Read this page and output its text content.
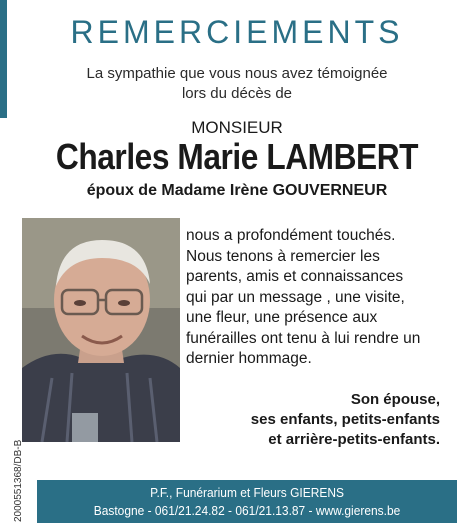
REMERCIEMENTS
La sympathie que vous nous avez témoignée
lors du décès de
MONSIEUR
Charles Marie LAMBERT
époux de Madame Irène GOUVERNEUR
nous a profondément touchés.
Nous tenons à remercier les
parents, amis et connaissances
qui par un message , une visite,
une fleur, une présence aux
funérailles ont tenu à lui rendre un
dernier hommage.
Son épouse,
ses enfants, petits-enfants
et arrière-petits-enfants.
2000551368/DB-B	P.F., Funérarium et Fleurs GIERENS
Bastogne - 061/21.24.82 - 061/21.13.87 - www.gierens.be
